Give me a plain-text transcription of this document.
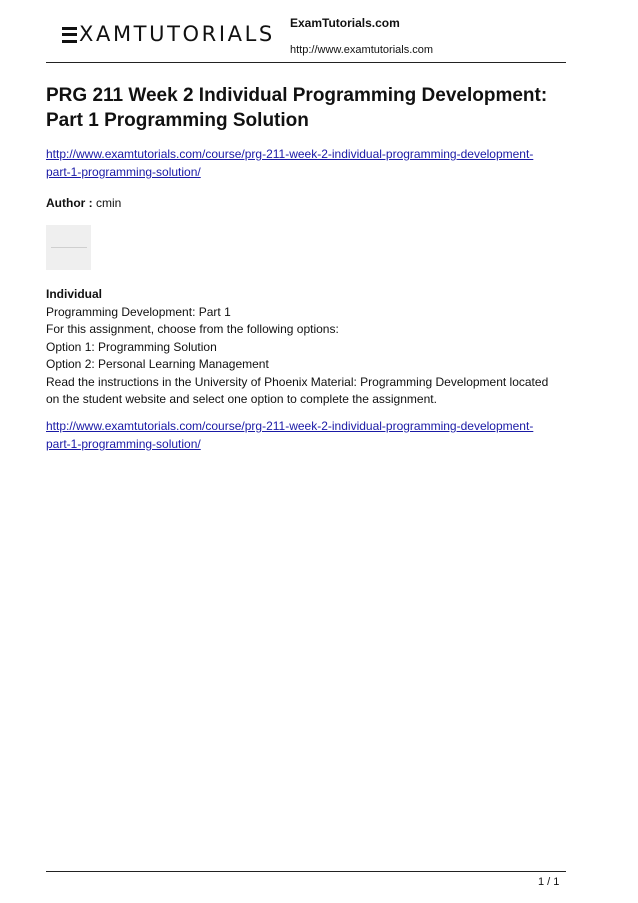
XAMTUTORIALS ExamTutorials.com
http://www.examtutorials.com
PRG 211 Week 2 Individual Programming Development:
Part 1 Programming Solution
http://www.examtutorials.com/course/prg-211-week-2-individual-programming-development-
part-1-programming-solution/
Author : cmin
Individual
Programming Development: Part 1
For this assignment, choose from the following options:
Option 1: Programming Solution
Option 2: Personal Learning Management
Read the instructions in the University of Phoenix Material: Programming Development located
on the student website and select one option to complete the assignment.
http://www.examtutorials.com/course/prg-211-week-2-individual-programming-development-
part-1-programming-solution/
1 / 1
